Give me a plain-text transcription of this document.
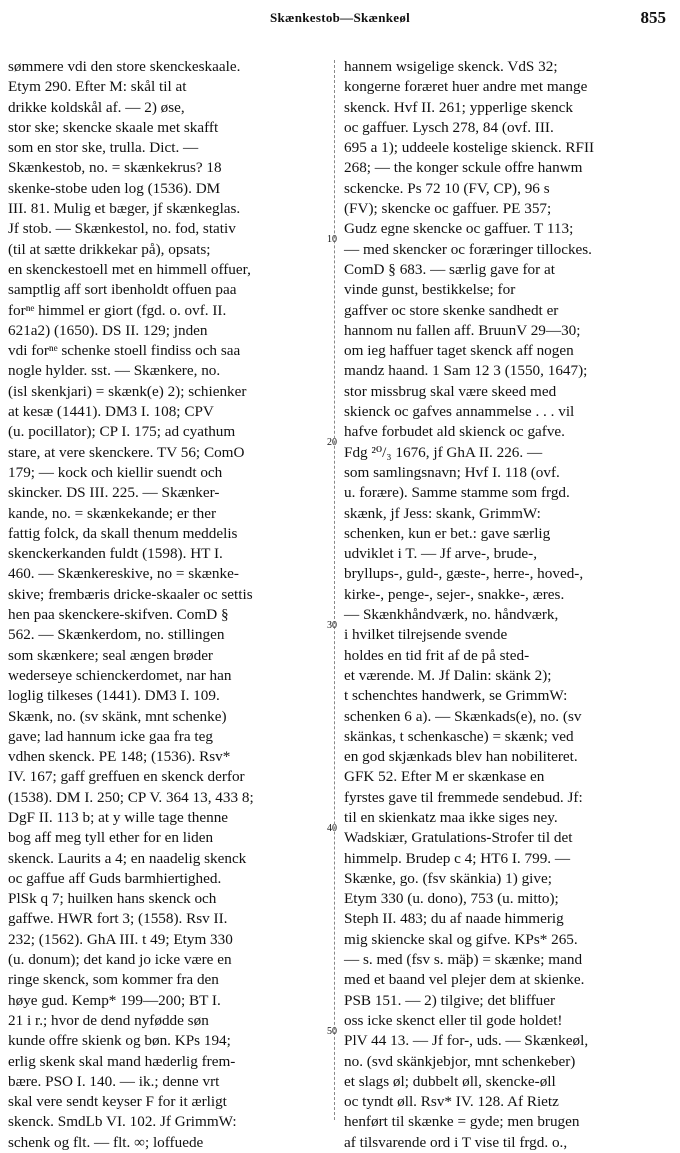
Skænkestob—Skænkeøl	855
10
20
30
40
50
sømmere vdi den store skenckeskaale.
Etym 290. Efter M: skål til at
drikke koldskål af. — 2) øse,
stor ske; skencke skaale met skafft
som en stor ske, trulla. Dict. —
Skænkestob, no. = skænkekrus? 18
skenke-stobe uden log (1536). DM
III. 81. Mulig et bæger, jf skænkeglas.
Jf stob. — Skænkestol, no. fod, stativ
(til at sætte drikkekar på), opsats;
en skenckestoell met en himmell offuer,
samptlig aff sort ibenholdt offuen paa
forⁿᵉ himmel er giort (fgd. o. ovf. II.
621a2) (1650). DS II. 129; jnden
vdi forⁿᵉ schenke stoell findiss och saa
nogle hylder. sst. — Skænkere, no.
(isl skenkjari) = skænk(e) 2); schienker
at kesæ (1441). DM3 I. 108; CPV
(u. pocillator); CP I. 175; ad cyathum
stare, at vere skenckere. TV 56; ComO
179; — kock och kiellir suendt och
skincker. DS III. 225. — Skænker-
kande, no. = skænkekande; er ther
fattig folck, da skall thenum meddelis
skenckerkanden fuldt (1598). HT I.
460. — Skænkereskive, no = skænke-
skive; frembæris dricke-skaaler oc settis
hen paa skenckere-skifven. ComD §
562. — Skænkerdom, no. stillingen
som skænkere; seal ængen brøder
wederseye schienckerdomet, nar han
loglig tilkeses (1441). DM3 I. 109.
Skænk, no. (sv skänk, mnt schenke)
gave; lad hannum icke gaa fra teg
vdhen skenck. PE 148; (1536). Rsv*
IV. 167; gaff greffuen en skenck derfor
(1538). DM I. 250; CP V. 364 13, 433 8;
DgF II. 113 b; at y wille tage thenne
bog aff meg tyll ether for en liden
skenck. Laurits a 4; en naadelig skenck
oc gaffue aff Guds barmhiertighed.
PlSk q 7; huilken hans skenck och
gaffwe. HWR fort 3; (1558). Rsv II.
232; (1562). GhA III. t 49; Etym 330
(u. donum); det kand jo icke være en
ringe skenck, som kommer fra den
høye gud. Kemp* 199—200; BT I.
21 i r.; hvor de dend nyfødde søn
kunde offre skienk og bøn. KPs 194;
erlig skenk skal mand hæderlig frem-
bære. PSO I. 140. — ik.; denne vrt
skal vere sendt keyser F for it ærligt
skenck. SmdLb VI. 102. Jf GrimmW:
schenk og flt. — flt. ∞; loffuede
hannem wsigelige skenck. VdS 32;
kongerne foræret huer andre met mange
skenck. Hvf II. 261; ypperlige skenck
oc gaffuer. Lysch 278, 84 (ovf. III.
695 a 1); uddeele kostelige skienck. RFII
268; — the konger sckule offre hanwm
sckencke. Ps 72 10 (FV, CP), 96 s
(FV); skencke oc gaffuer. PE 357;
Gudz egne skencke oc gaffuer. T 113;
— med skencker oc foræringer tillockes.
ComD § 683. — særlig gave for at
vinde gunst, bestikkelse; for
gaffver oc store skenke sandhedt er
hannom nu fallen aff. BruunV 29—30;
om ieg haffuer taget skenck aff nogen
mandz haand. 1 Sam 12 3 (1550, 1647);
stor missbrug skal være skeed med
skienck oc gafves annammelse . . . vil
hafve forbudet ald skienck oc gafve.
Fdg ²⁰/₃ 1676, jf GhA II. 226. —
som samlingsnavn; Hvf I. 118 (ovf.
u. forære). Samme stamme som frgd.
skænk, jf Jess: skank, GrimmW:
schenken, kun er bet.: gave særlig
udviklet i T. — Jf arve-, brude-,
bryllups-, guld-, gæste-, herre-, hoved-,
kirke-, penge-, sejer-, snakke-, æres.
— Skænkhåndværk, no. håndværk,
i hvilket tilrejsende svende
holdes en tid frit af de på sted-
et værende. M. Jf Dalin: skänk 2);
t schenchtes handwerk, se GrimmW:
schenken 6 a). — Skænkads(e), no. (sv
skänkas, t schenkasche) = skænk; ved
en god skjænkads blev han nobiliteret.
GFK 52. Efter M er skænkase en
fyrstes gave til fremmede sendebud. Jf:
til en skienkatz maa ikke siges ney.
Wadskiær, Gratulations-Strofer til det
himmelp. Brudep c 4; HT6 I. 799. —
Skænke, go. (fsv skänkia) 1) give;
Etym 330 (u. dono), 753 (u. mitto);
Steph II. 483; du af naade himmerig
mig skiencke skal og gifve. KPs* 265.
— s. med (fsv s. mäþ) = skænke; mand
med et baand vel plejer dem at skienke.
PSB 151. — 2) tilgive; det bliffuer
oss icke skenct eller til gode holdet!
PlV 44 13. — Jf for-, uds. — Skænkeøl,
no. (svd skänkjebjor, mnt schenkeber)
et slags øl; dubbelt øll, skencke-øll
oc tyndt øll. Rsv* IV. 128. Af Rietz
henført til skænke = gyde; men brugen
af tilsvarende ord i T vise til frgd. o.,
